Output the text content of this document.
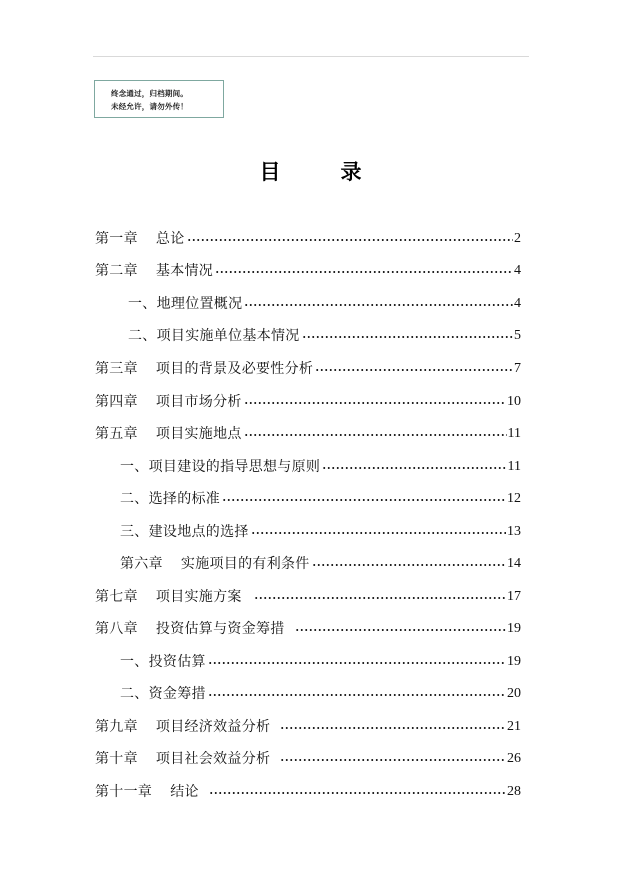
终念通过，归档期间。
未经允许，请勿外传！
目	录
第一章 总论	2
第二章 基本情况	4
一、地理位置概况	4
二、项目实施单位基本情况	5
第三章 项目的背景及必要性分析	7
第四章 项目市场分析	10
第五章 项目实施地点	11
一、项目建设的指导思想与原则	11
二、选择的标准	12
三、建设地点的选择	13
第六章 实施项目的有利条件	14
第七章 项目实施方案	17
第八章 投资估算与资金筹措	19
一、投资估算	19
二、资金筹措	20
第九章 项目经济效益分析	21
第十章 项目社会效益分析	26
第十一章 结论	28
